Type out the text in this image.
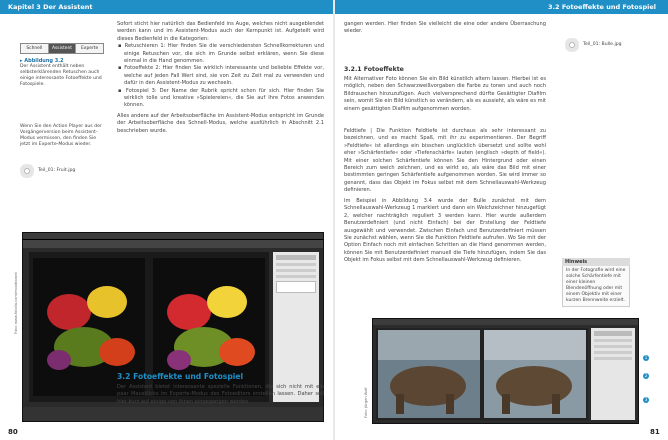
Kapitel 3 Der Assistent	3.2 Fotoeffekte und Fotospiel
Schnell	Assistent	Experte
▸ Abbildung 3.2
Der Assistent enthält neben selbsterklärenden Retuschen auch einige interessante Fotoeffekte und Fotospiele.
Wenn Sie den Action Player aus der Vorgängerversion beim Assistent-Modus vermissen, den finden Sie jetzt im Experte-Modus wieder.
Teil_01: Fruit.jpg
Sofort sticht hier natürlich das Bedienfeld ins Auge, welches nicht ausgeblendet werden kann und im Assistent-Modus auch der Kernpunkt ist. Aufgeteilt wird dieses Bedienfeld in die Kategorien:
▪ Retuschieren 1: Hier finden Sie die verschiedensten Schnellkorrekturen und einige Retuschen vor, die sich im Grunde selbst erklären, wenn Sie diese einmal in die Hand genommen.
▪ Fotoeffekte 2: Hier finden Sie wirklich interessante und beliebte Effekte vor, welche auf jeden Fall Wert sind, sie von Zeit zu Zeit mal zu verwenden und dafür in den Assistent-Modus zu wechseln.
▪ Fotospiel 3: Der Name der Rubrik spricht schon für sich. Hier finden Sie wirklich tolle und kreative »Spielereien«, die Sie auf Ihre Fotos anwenden können.
Alles andere auf der Arbeitsoberfläche im Assistent-Modus entspricht im Grunde der Arbeitsoberfläche des Schnell-Modus, welche ausführlich in Abschnitt 2.1 beschrieben wurde.
Foto: www.fotolia.com/moodboard
3.2 Fotoeffekte und Fotospiel
Der Assistent bietet interessante spezielle Funktionen, die sich nicht mit ein paar Mausklicks im Experte-Modus des Fotoeditors erstellen lassen. Daher soll hier kurz auf einige von ihnen eingegangen werden.
80
gangen werden. Hier finden Sie vielleicht die eine oder andere Überraschung wieder.
3.2.1 Fotoeffekte
Mit Alternativer Foto können Sie ein Bild künstlich altern lassen. Hierbei ist es möglich, neben den Schwarzweißvorgaben die Farbe zu tonen und auch noch Bildrauschen hinzuzufügen. Auch vielversprechend dürfte Gesättigter Diafilm sein, womit Sie ein Bild künstlich so verändern, als es aussieht, als wäre es mit einem gesättigten Diafilm aufgenommen worden.
Feldtiefe | Die Funktion Feldtiefe ist durchaus als sehr interessant zu bezeichnen, und es macht Spaß, mit ihr zu experimentieren. Der Begriff »Feldtiefe« ist allerdings ein bisschen unglücklich übersetzt und sollte wohl eher »Schärfentiefe« oder »Tiefenschärfe« lauten (englisch »depth of field«). Mit einer solchen Schärfentiefe können Sie den Hintergrund oder einen Bereich zum weich zeichnen, und es wirkt so, als wäre das Bild mit einer bestimmten geringen Schärfentiefe aufgenommen worden. Sie wird immer so genannt, dass das Objekt im Fokus selbst mit dem Schnellauswahl-Werkzeug definieren.
Im Beispiel in Abbildung 3.4 wurde der Bulle zunächst mit dem Schnellauswahl-Werkzeug 1 markiert und dann ein Weichzeichner hinzugefügt 2, welcher nachträglich reguliert 3 werden kann. Hier wurde außerdem Benutzerdefiniert (und nicht Einfach) bei der Erstellung der Feldtiefe ausgewählt und verwendet. Zwischen Einfach und Benutzerdefiniert müssen Sie zunächst wählen, wenn Sie die Funktion Feldtiefe aufrufen. Wo Sie mit der Option Einfach noch mit einfachen Schritten an die Hand genommen werden, können Sie mit Benutzerdefiniert manuell die Tiefe hinzufügen, indem Sie das Objekt im Fokus selbst mit dem Schnellauswahl-Werkzeug definieren.
Teil_01: Bulle.jpg
Hinweis
In der Fotografie wird eine solche Schärfentiefe mit einer kleinen Blendenöffnung oder mit einem Objektiv mit einer kurzen Brennweite erzielt.
1
2
3
Foto: Jürgen Wolf
81
